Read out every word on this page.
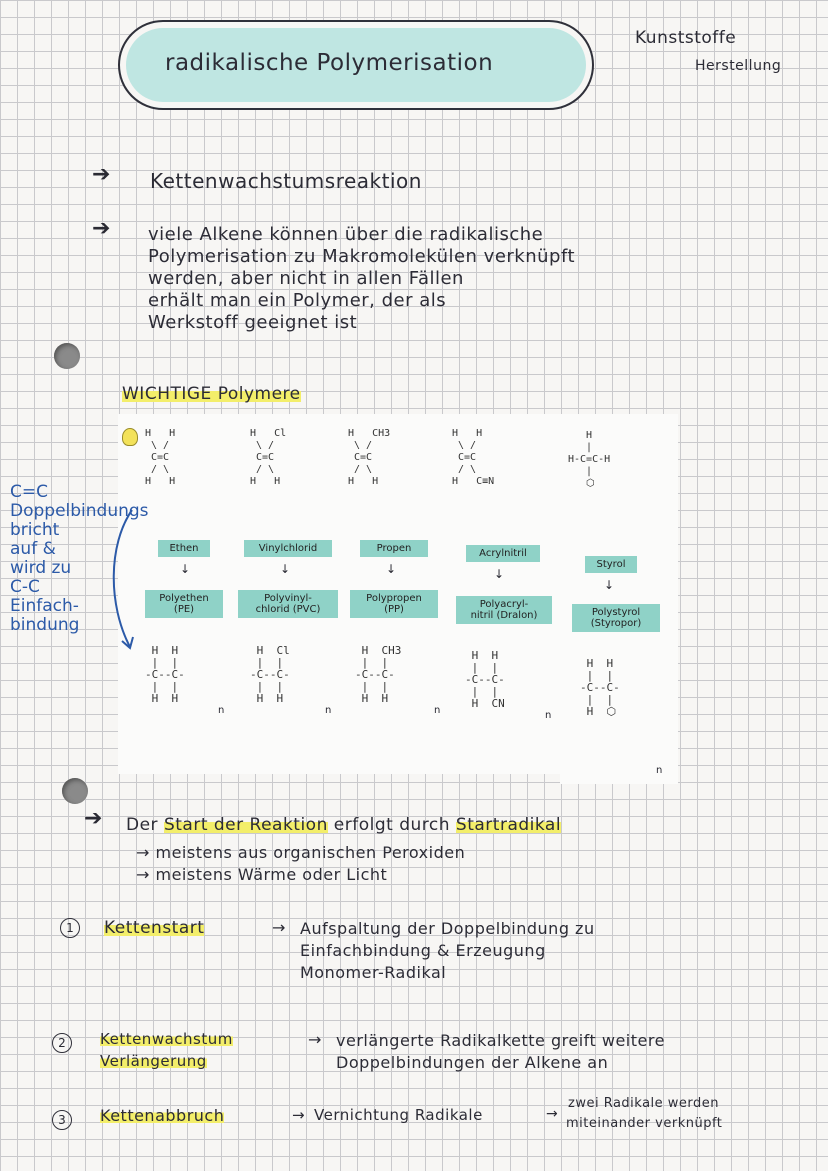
radikalische Polymerisation
Kunststoffe
Herstellung
➔ Kettenwachstumsreaktion
➔ viele Alkene können über die radikalische
Polymerisation zu Makromolekülen verknüpft
werden, aber nicht in allen Fällen
erhält man ein Polymer, der als
Werkstoff geeignet ist
WICHTIGE Polymere
C=C
Doppelbindungs
bricht
auf &
wird zu
C-C
Einfach-
bindung
H   H
\ /
C=C
/ \
H   H
Ethen
↓
Polyethen
(PE)
H  H
|  |
-C--C-
|  |
H  H
n
H   Cl
\ /
C=C
/ \
H   H
Vinylchlorid
↓
Polyvinyl-
chlorid (PVC)
H  Cl
|  |
-C--C-
|  |
H  H
n
H   CH3
\ /
C=C
/ \
H   H
Propen
↓
Polypropen
(PP)
H  CH3
|  |
-C--C-
|  |
H  H
n
H   H
\ /
C=C
/ \
H   C≡N
Acrylnitril
↓
Polyacryl-
nitril (Dralon)
H  H
|  |
-C--C-
|  |
H  CN
n
H
|
H-C=C-H
|
⬡
Styrol
↓
Polystyrol
(Styropor)
H  H
|  |
-C--C-
|  |
H  ⬡
n
➔ Der Start der Reaktion erfolgt durch Startradikal
→ meistens aus organischen Peroxiden
→ meistens Wärme oder Licht
1	Kettenstart	→ Aufspaltung der Doppelbindung zu
Einfachbindung & Erzeugung
Monomer-Radikal
2	Kettenwachstum
Verlängerung
→ verlängerte Radikalkette greift weitere
Doppelbindungen der Alkene an
3	Kettenabbruch	→ Vernichtung Radikale	→
zwei Radikale werden
miteinander verknüpft
